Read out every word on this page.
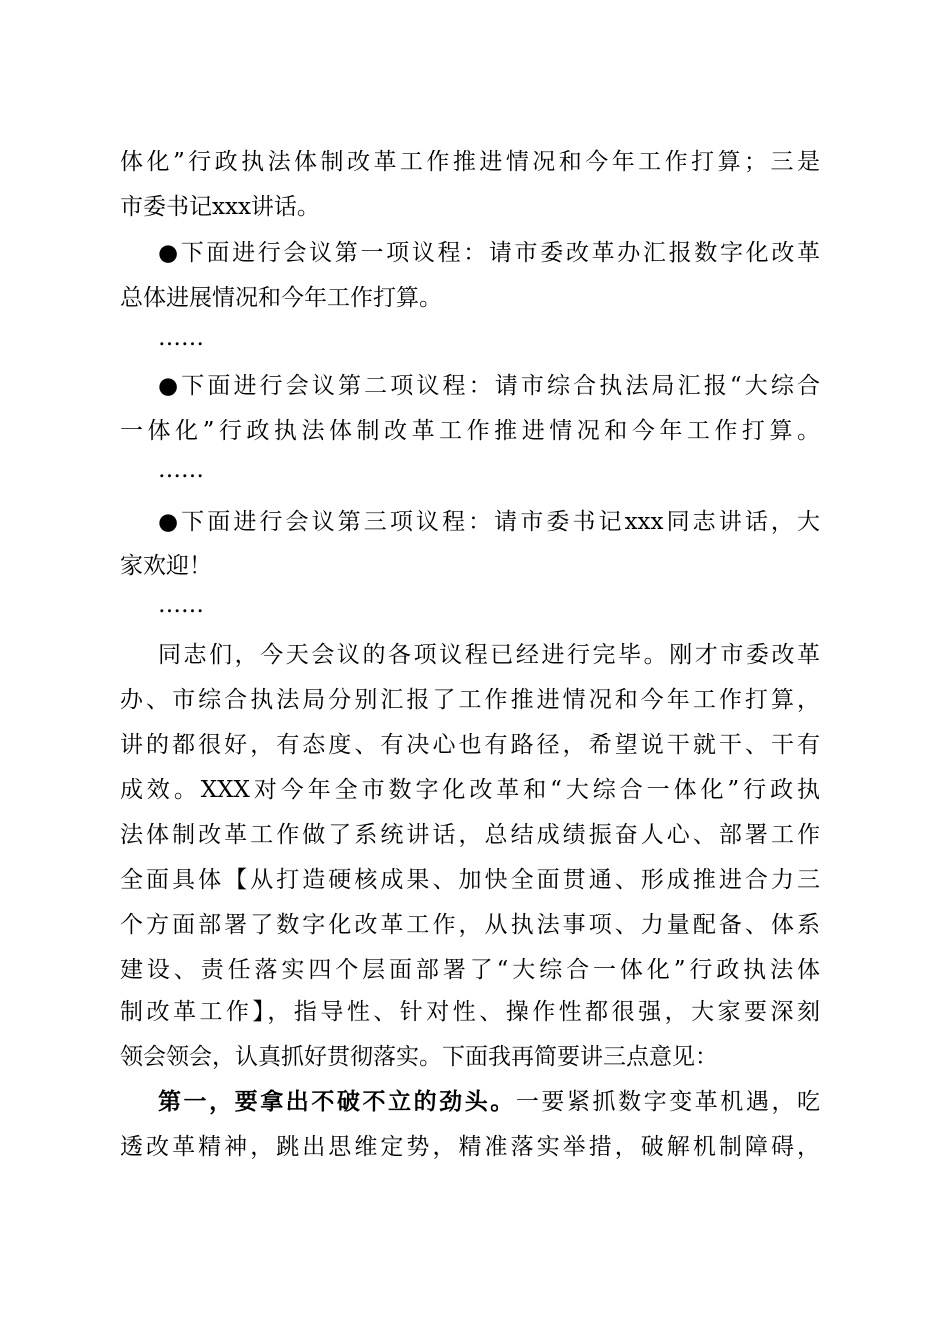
体化”行政执法体制改革工作推进情况和今年工作打算；三是
市委书记xxx讲话。
●下面进行会议第一项议程：请市委改革办汇报数字化改革
总体进展情况和今年工作打算。
……
●下面进行会议第二项议程：请市综合执法局汇报“大综合
一体化”行政执法体制改革工作推进情况和今年工作打算。
……
●下面进行会议第三项议程：请市委书记xxx同志讲话，大
家欢迎！
……
同志们，今天会议的各项议程已经进行完毕。刚才市委改革
办、市综合执法局分别汇报了工作推进情况和今年工作打算，
讲的都很好，有态度、有决心也有路径，希望说干就干、干有
成效。XXX对今年全市数字化改革和“大综合一体化”行政执
法体制改革工作做了系统讲话，总结成绩振奋人心、部署工作
全面具体【从打造硬核成果、加快全面贯通、形成推进合力三
个方面部署了数字化改革工作，从执法事项、力量配备、体系
建设、责任落实四个层面部署了“大综合一体化”行政执法体
制改革工作】，指导性、针对性、操作性都很强，大家要深刻
领会领会，认真抓好贯彻落实。下面我再简要讲三点意见：
第一，要拿出不破不立的劲头。一要紧抓数字变革机遇，吃
透改革精神，跳出思维定势，精准落实举措，破解机制障碍，
